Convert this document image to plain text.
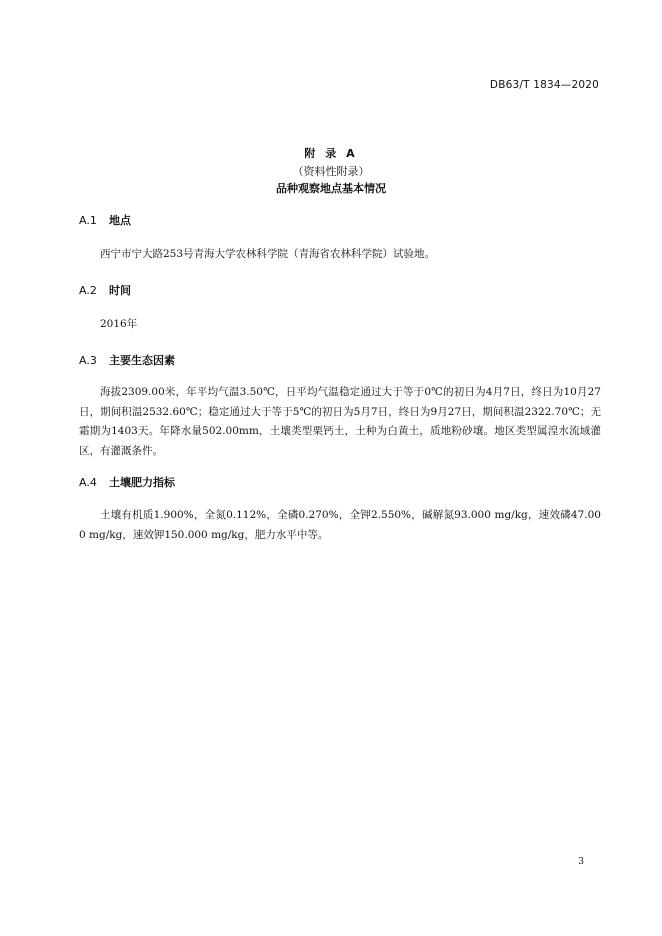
DB63/T 1834—2020
附 录 A
（资料性附录）
品种观察地点基本情况
A.1 地点
西宁市宁大路253号青海大学农林科学院（青海省农林科学院）试验地。
A.2 时间
2016年
A.3 主要生态因素
海拔2309.00米，年平均气温3.50℃，日平均气温稳定通过大于等于0℃的初日为4月7日，终日为10月27日，期间积温2532.60℃；稳定通过大于等于5℃的初日为5月7日，终日为9月27日，期间积温2322.70℃；无霜期为1403天。年降水量502.00mm，土壤类型栗钙土，土种为白黄土，质地粉砂壤。地区类型属湟水流域灌区，有灌溉条件。
A.4 土壤肥力指标
土壤有机质1.900%，全氮0.112%，全磷0.270%，全钾2.550%，碱解氮93.000 mg/kg，速效磷47.000 mg/kg，速效钾150.000 mg/kg，肥力水平中等。
3
